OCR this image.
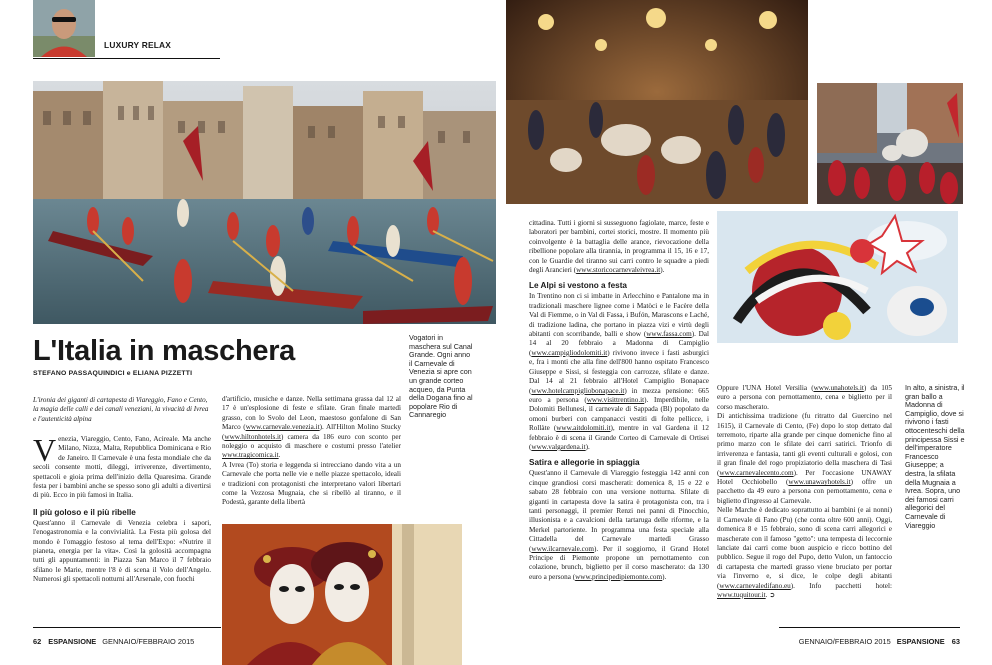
LUXURY RELAX
L'Italia in maschera
STEFANO PASSAQUINDICI e ELIANA PIZZETTI
Vogatori in maschera sul Canal Grande. Ogni anno il Carnevale di Venezia si apre con un grande corteo acqueo, da Punta della Dogana fino al popolare Rio di Cannaregio
L'ironia dei giganti di cartapesta di Viareggio, Fano e Cento, la magia delle calli e dei canali veneziani, la vivacità di Ivrea e l'autenticità alpina

Venezia, Viareggio, Cento, Fano, Acireale. Ma anche Milano, Nizza, Malta, Repubblica Dominicana e Rio de Janeiro. Il Carnevale è una festa mondiale che da secoli consente motti, dileggi, irriverenze, divertimento, spettacoli e gioia prima dell'inizio della Quaresima. Grande festa per i bambini anche se spesso sono gli adulti a divertirsi di più. Ecco in più famosi in Italia.

Il più goloso e il più ribelle

Quest'anno il Carnevale di Venezia celebra i sapori, l'enogastronomia e la convivialità. La Festa più golosa del mondo è l'omaggio festoso al tema dell'Expo: «Nutrire il pianeta, energia per la vita». Così la golosità accompagna tutti gli appuntamenti: in Piazza San Marco il 7 febbraio sfilano le Marie, mentre l'8 è di scena il Volo dell'Angelo. Numerosi gli spettacoli notturni all'Arsenale, con fuochi

d'artificio, musiche e danze. Nella settimana grassa dal 12 al 17 è un'esplosione di feste e sfilate. Gran finale martedì grasso, con lo Svolo del Leon, maestoso gonfalone di San Marco (www.carnevale.venezia.it). All'Hilton Molino Stucky (www.hiltonhotels.it) camera da 186 euro con sconto per noleggio o acquisto di maschere e costumi presso l'atelier www.tragicomica.it.

A Ivrea (To) storia e leggenda si intrecciano dando vita a un Carnevale che porta nelle vie e nelle piazze spettacolo, ideali e tradizioni con protagonisti che interpretano valori libertari come la Vezzosa Mugnaia, che si ribellò al tiranno, e il Podestà, garante della libertà

62 ESPANSIONE GENNAIO/FEBBRAIO 2015

cittadina. Tutti i giorni si susseguono fagiolate, marce, feste e laboratori per bambini, cortei storici, mostre. Il momento più coinvolgente è la battaglia delle arance, rievocazione della ribellione popolare alla tirannia, in programma il 15, 16 e 17, con le Guardie del tiranno sui carri contro le squadre a piedi degli Arancieri (www.storicocarnevaleivrea.it).

Le Alpi si vestono a festa

In Trentino non ci si imbatte in Arlecchino e Pantalone ma in tradizionali maschere lignee come i Matòci e le Facère della Val di Fiemme, o in Val di Fassa, i Bufón, Marascons e Laché, di tradizione ladina, che portano in piazza vizi e virtù degli abitanti con scorribande, balli e show (www.fassa.com). Dal 14 al 20 febbraio a Madonna di Campiglio (www.campigliodolomiti.it) rivivono invece i fasti asburgici e, fra i monti che alla fine dell'800 hanno ospitato Francesco Giuseppe e Sissi, si festeggia con carrozze, sfilate e danze. Dal 14 al 21 febbraio all'Hotel Campiglio Bonapace (www.hotelcampigliobonapace.it) in mezza pensione: 665 euro a persona (www.visittrentino.it). Imperdibile, nelle Dolomiti Bellunesi, il carnevale di Sappada (Bl) popolato da omoni burberi con campanacci vestiti di folte pellicce, i Rollàte (www.aitdolomiti.it), mentre in val Gardena il 12 febbraio è di scena il Grande Corteo di Carnevale di Ortisei (www.valgardena.it).

Satira e allegorie in spiaggia

Quest'anno il Carnevale di Viareggio festeggia 142 anni con cinque grandiosi corsi mascherati: domenica 8, 15 e 22 e sabato 28 febbraio con una versione notturna. Sfilate di giganti in cartapesta dove la satira è protagonista con, tra i tanti personaggi, il premier Renzi nei panni di Pinocchio, illusionista e a cavalcioni della tartaruga delle riforme, e la Merkel partoriente. In programma una festa speciale alla Cittadella del Carnevale martedì Grasso (www.ilcarnevale.com). Per il soggiorno, il Grand Hotel Principe di Piemonte propone un pernottamento con colazione, brunch, biglietto per il corso mascherato: da 130 euro a persona (www.principedipiemonte.com).

Oppure l'UNA Hotel Versilia (www.unahotels.it) da 105 euro a persona con pernottamento, cena e biglietto per il corso mascherato.

Di antichissima tradizione (fu ritratto dal Guercino nel 1615), il Carnevale di Cento, (Fe) dopo lo stop dettato dal terremoto, riparte alla grande per cinque domeniche fino al primo marzo con le sfilate dei carri satirici. Trionfo di irriverenza e fantasia, tanti gli eventi culturali e golosi, con il gran finale del rogo propiziatorio della maschera di Tasi (www.carnevalecento.com). Per l'occasione UNAWAY Hotel Occhiobello (www.unawayhotels.it) offre un pacchetto da 49 euro a persona con pernottamento, cena e biglietto d'ingresso al Carnevale.

Nelle Marche è dedicato soprattutto ai bambini (e ai nonni) il Carnevale di Fano (Pu) (che conta oltre 600 anni). Oggi, domenica 8 e 15 febbraio, sono di scena carri allegorici e mascherate con il famoso "getto": una tempesta di leccornie lanciate dai carri come buon auspicio e ricco bottino del pubblico. Segue il rogo del Pupo, detto Vulon, un fantoccio di cartapesta che martedì grasso viene bruciato per portar via l'inverno e, si dice, le colpe degli abitanti (www.carnevaledifano.eu). Info pacchetti hotel: www.tuquitour.it. ➲

In alto, a sinistra, il gran ballo a Madonna di Campiglio, dove si rivivono i fasti ottocenteschi della principessa Sissi e dell'imperatore Francesco Giuseppe; a destra, la sfilata della Mugnaia a Ivrea. Sopra, uno dei famosi carri allegorici del Carnevale di Viareggio
GENNAIO/FEBBRAIO 2015 ESPANSIONE 63
